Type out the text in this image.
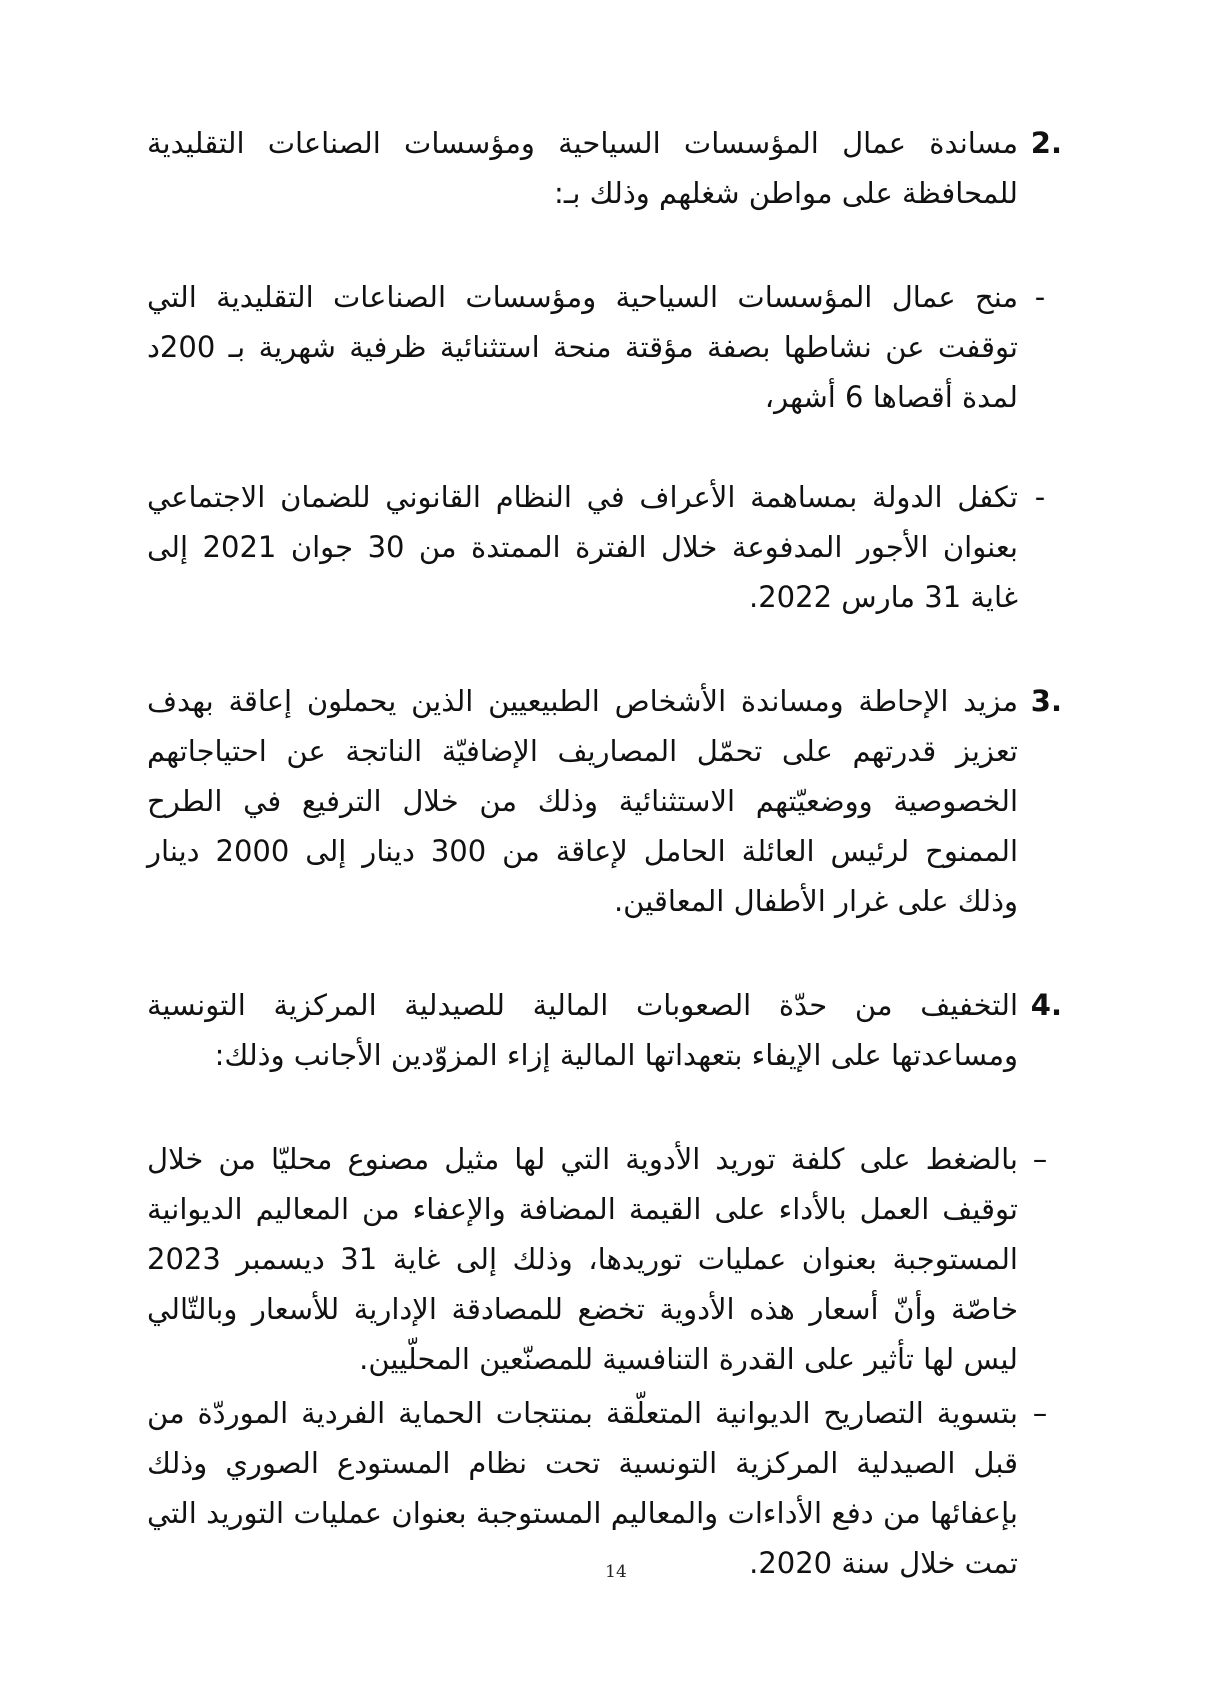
.2
مساندة عمال المؤسسات السياحية ومؤسسات الصناعات التقليدية للمحافظة على مواطن شغلهم وذلك بـ:
-
منح عمال المؤسسات السياحية ومؤسسات الصناعات التقليدية التي توقفت عن نشاطها بصفة مؤقتة منحة استثنائية ظرفية شهرية بـ 200د لمدة أقصاها 6 أشهر،
-
تكفل الدولة بمساهمة الأعراف في النظام القانوني للضمان الاجتماعي بعنوان الأجور المدفوعة خلال الفترة الممتدة من 30 جوان 2021 إلى غاية 31 مارس 2022.
.3
مزيد الإحاطة ومساندة الأشخاص الطبيعيين الذين يحملون إعاقة بهدف تعزيز قدرتهم على تحمّل المصاريف الإضافيّة الناتجة عن احتياجاتهم الخصوصية ووضعيّتهم الاستثنائية وذلك من خلال الترفيع في الطرح الممنوح لرئيس العائلة الحامل لإعاقة من 300 دينار إلى 2000 دينار وذلك على غرار الأطفال المعاقين.
.4
التخفيف من حدّة الصعوبات المالية للصيدلية المركزية التونسية ومساعدتها على الإيفاء بتعهداتها المالية إزاء المزوّدين الأجانب وذلك:
–
بالضغط على كلفة توريد الأدوية التي لها مثيل مصنوع محليّا من خلال توقيف العمل بالأداء على القيمة المضافة والإعفاء من المعاليم الديوانية المستوجبة بعنوان عمليات توريدها، وذلك إلى غاية 31 ديسمبر 2023 خاصّة وأنّ أسعار هذه الأدوية تخضع للمصادقة الإدارية للأسعار وبالتّالي ليس لها تأثير على القدرة التنافسية للمصنّعين المحلّيين.
–
بتسوية التصاريح الديوانية المتعلّقة بمنتجات الحماية الفردية الموردّة من قبل الصيدلية المركزية التونسية تحت نظام المستودع الصوري وذلك بإعفائها من دفع الأداءات والمعاليم المستوجبة بعنوان عمليات التوريد التي تمت خلال سنة 2020.
14
